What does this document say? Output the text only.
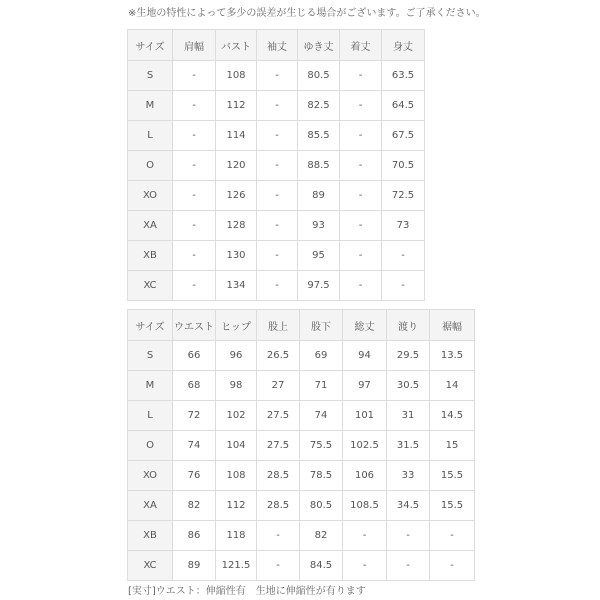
※生地の特性によって多少の誤差が生じる場合がございます。ご了承ください。
サイズ	肩幅	バスト	袖丈	ゆき丈	着丈	身丈
S	-	108	-	80.5	-	63.5
M	-	112	-	82.5	-	64.5
L	-	114	-	85.5	-	67.5
O	-	120	-	88.5	-	70.5
XO	-	126	-	89	-	72.5
XA	-	128	-	93	-	73
XB	-	130	-	95	-	-
XC	-	134	-	97.5	-	-
サイズ	ウエスト	ヒップ	股上	股下	総丈	渡り	裾幅
S	66	96	26.5	69	94	29.5	13.5
M	68	98	27	71	97	30.5	14
L	72	102	27.5	74	101	31	14.5
O	74	104	27.5	75.5	102.5	31.5	15
XO	76	108	28.5	78.5	106	33	15.5
XA	82	112	28.5	80.5	108.5	34.5	15.5
XB	86	118	-	82	-	-	-
XC	89	121.5	-	84.5	-	-	-
[実寸]ウエスト：伸縮性有　生地に伸縮性が有ります
